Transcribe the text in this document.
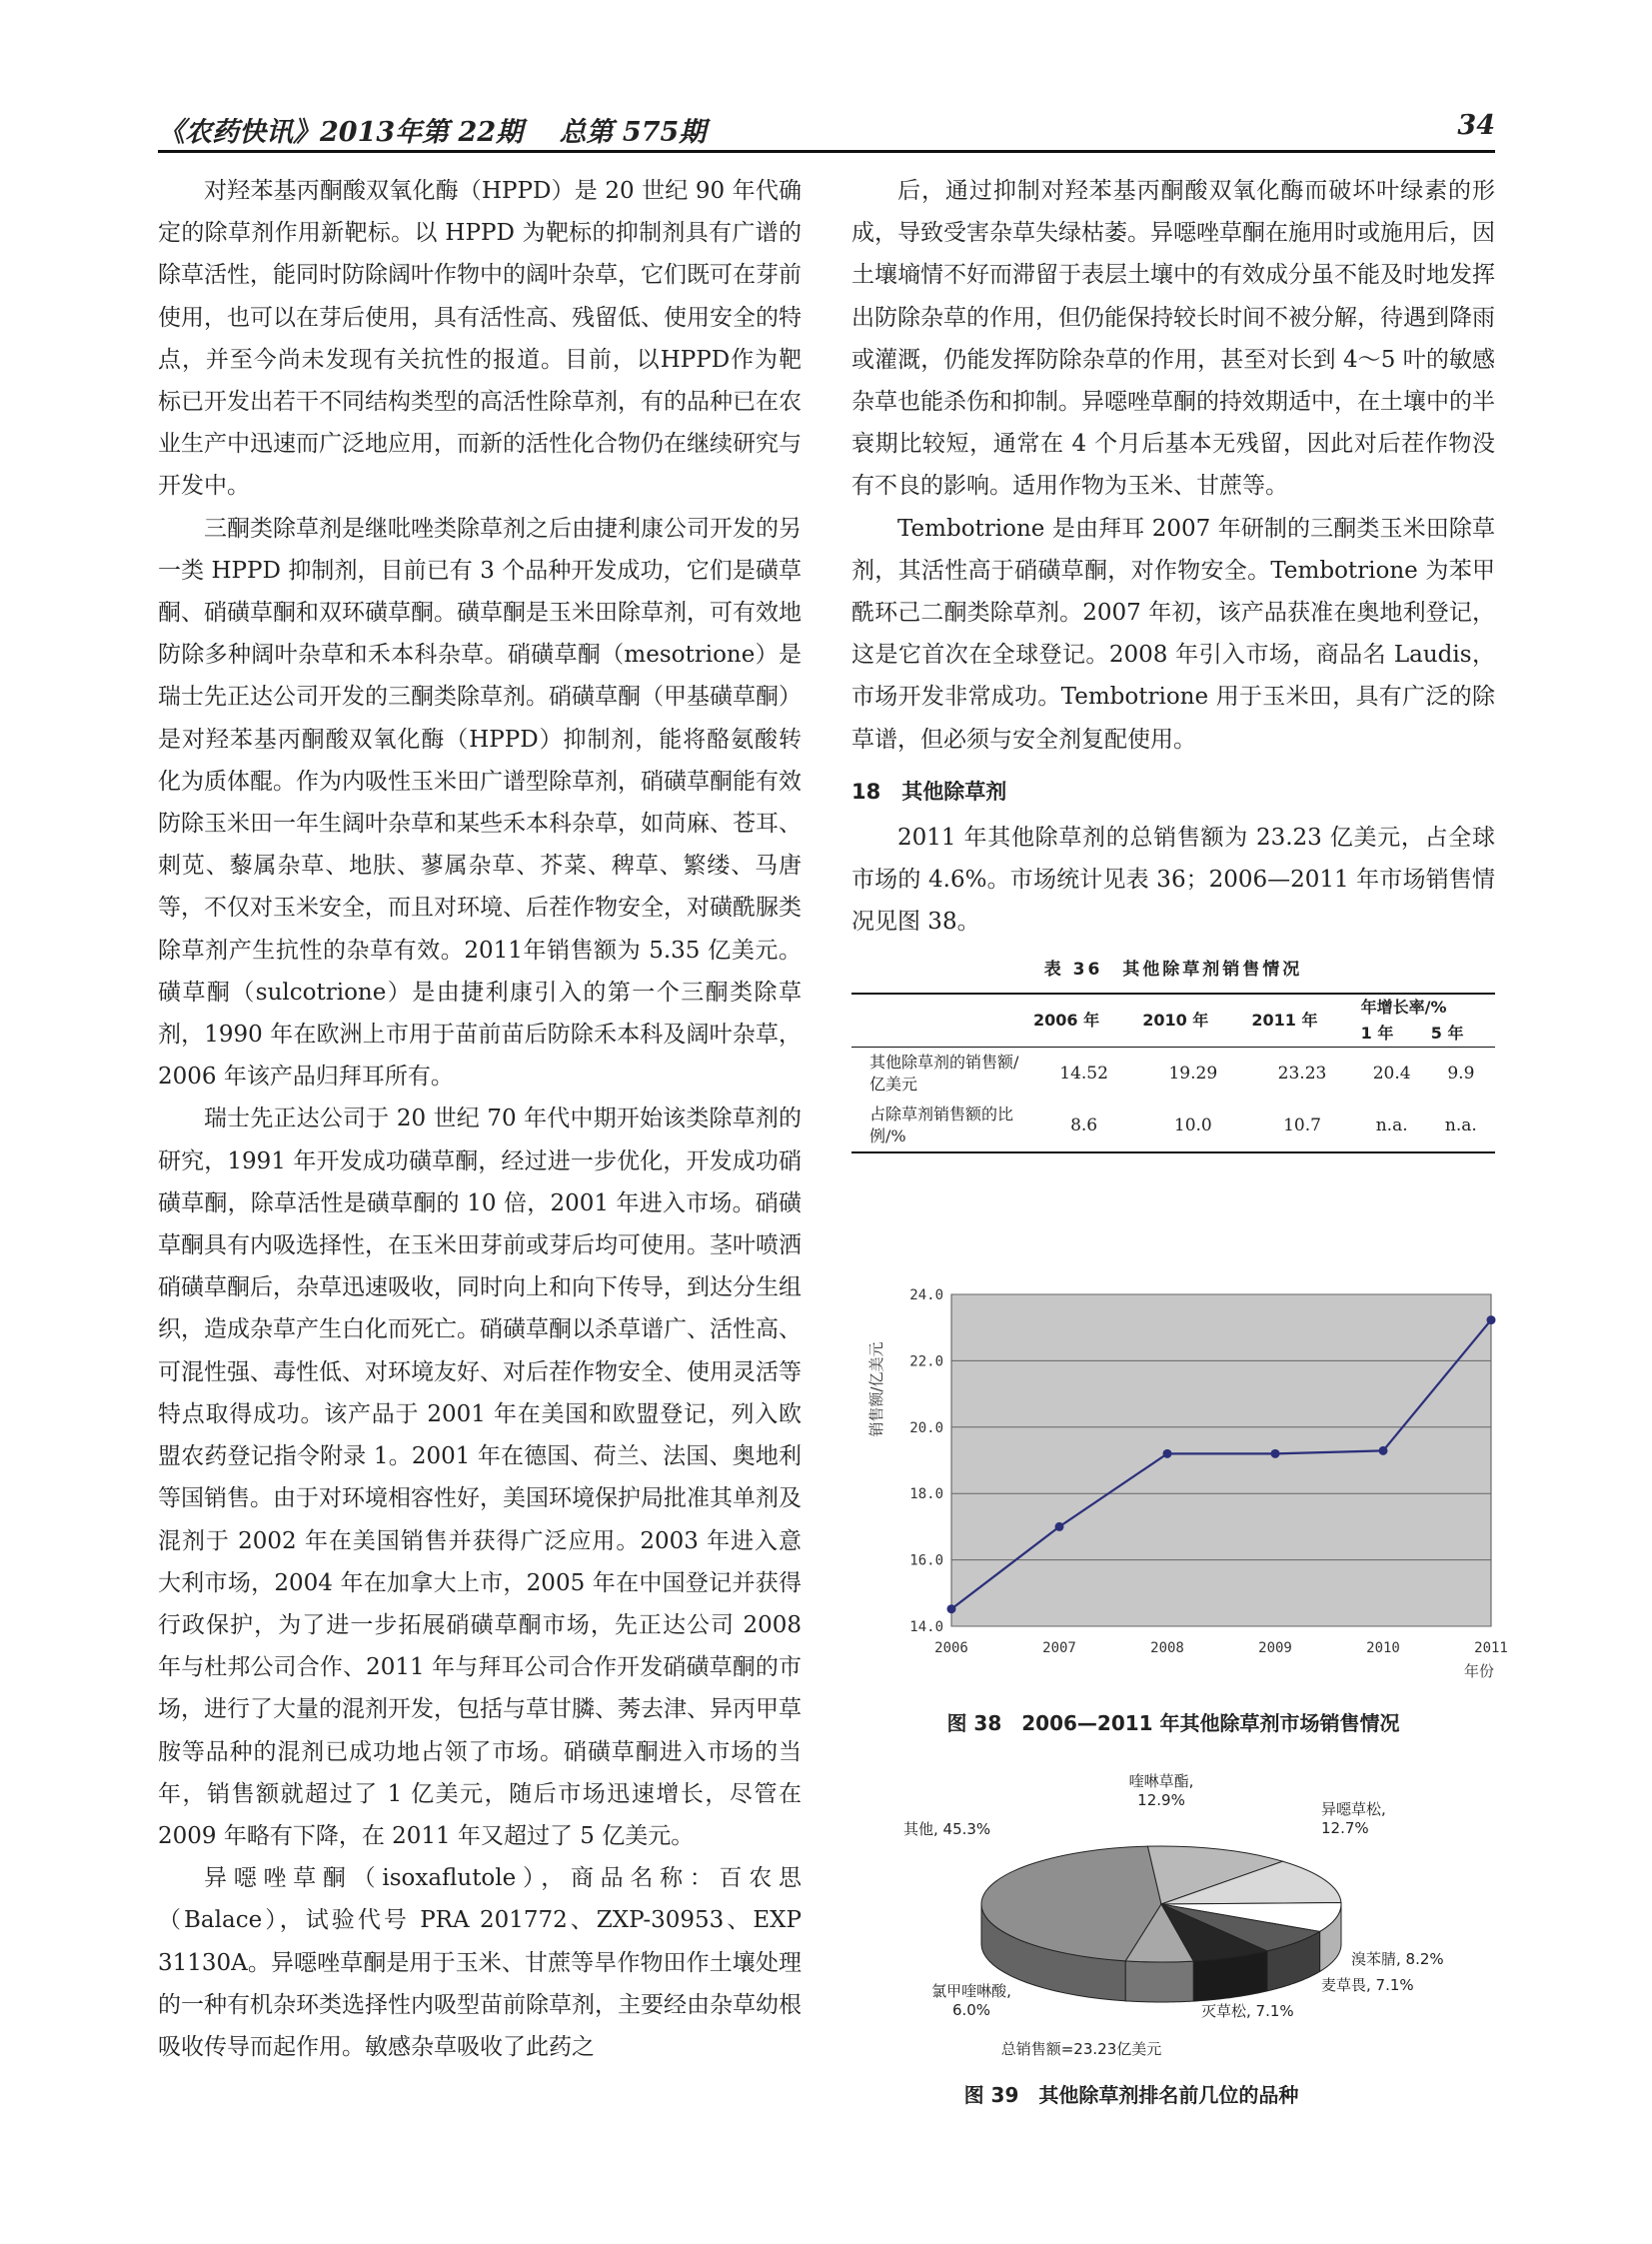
《农药快讯》2013年第 22期　 总第 575期	34

对羟苯基丙酮酸双氧化酶（HPPD）是 20 世纪 90 年代确定的除草剂作用新靶标。以 HPPD 为靶标的抑制剂具有广谱的除草活性，能同时防除阔叶作物中的阔叶杂草，它们既可在芽前使用，也可以在芽后使用，具有活性高、残留低、使用安全的特点，并至今尚未发现有关抗性的报道。目前，以HPPD作为靶标已开发出若干不同结构类型的高活性除草剂，有的品种已在农业生产中迅速而广泛地应用，而新的活性化合物仍在继续研究与开发中。

三酮类除草剂是继吡唑类除草剂之后由捷利康公司开发的另一类 HPPD 抑制剂，目前已有 3 个品种开发成功，它们是磺草酮、硝磺草酮和双环磺草酮。磺草酮是玉米田除草剂，可有效地防除多种阔叶杂草和禾本科杂草。硝磺草酮（mesotrione）是瑞士先正达公司开发的三酮类除草剂。硝磺草酮（甲基磺草酮）是对羟苯基丙酮酸双氧化酶（HPPD）抑制剂，能将酪氨酸转化为质体醌。作为内吸性玉米田广谱型除草剂，硝磺草酮能有效防除玉米田一年生阔叶杂草和某些禾本科杂草，如苘麻、苍耳、刺苋、藜属杂草、地肤、蓼属杂草、芥菜、稗草、繁缕、马唐等，不仅对玉米安全，而且对环境、后茬作物安全，对磺酰脲类除草剂产生抗性的杂草有效。2011年销售额为 5.35 亿美元。磺草酮（sulcotrione）是由捷利康引入的第一个三酮类除草剂，1990 年在欧洲上市用于苗前苗后防除禾本科及阔叶杂草，2006 年该产品归拜耳所有。

瑞士先正达公司于 20 世纪 70 年代中期开始该类除草剂的研究，1991 年开发成功磺草酮，经过进一步优化，开发成功硝磺草酮，除草活性是磺草酮的 10 倍，2001 年进入市场。硝磺草酮具有内吸选择性，在玉米田芽前或芽后均可使用。茎叶喷洒硝磺草酮后，杂草迅速吸收，同时向上和向下传导，到达分生组织，造成杂草产生白化而死亡。硝磺草酮以杀草谱广、活性高、可混性强、毒性低、对环境友好、对后茬作物安全、使用灵活等特点取得成功。该产品于 2001 年在美国和欧盟登记，列入欧盟农药登记指令附录 1。2001 年在德国、荷兰、法国、奥地利等国销售。由于对环境相容性好，美国环境保护局批准其单剂及混剂于 2002 年在美国销售并获得广泛应用。2003 年进入意大利市场，2004 年在加拿大上市，2005 年在中国登记并获得行政保护，为了进一步拓展硝磺草酮市场，先正达公司 2008 年与杜邦公司合作、2011 年与拜耳公司合作开发硝磺草酮的市场，进行了大量的混剂开发，包括与草甘膦、莠去津、异丙甲草胺等品种的混剂已成功地占领了市场。硝磺草酮进入市场的当年，销售额就超过了 1 亿美元，随后市场迅速增长，尽管在 2009 年略有下降，在 2011 年又超过了 5 亿美元。

异噁唑草酮（isoxaflutole），商品名称：百农思（Balace），试验代号 PRA 201772、ZXP-30953、EXP 31130A。异噁唑草酮是用于玉米、甘蔗等旱作物田作土壤处理的一种有机杂环类选择性内吸型苗前除草剂，主要经由杂草幼根吸收传导而起作用。敏感杂草吸收了此药之

后，通过抑制对羟苯基丙酮酸双氧化酶而破坏叶绿素的形成，导致受害杂草失绿枯萎。异噁唑草酮在施用时或施用后，因土壤墒情不好而滞留于表层土壤中的有效成分虽不能及时地发挥出防除杂草的作用，但仍能保持较长时间不被分解，待遇到降雨或灌溉，仍能发挥防除杂草的作用，甚至对长到 4～5 叶的敏感杂草也能杀伤和抑制。异噁唑草酮的持效期适中，在土壤中的半衰期比较短，通常在 4 个月后基本无残留，因此对后茬作物没有不良的影响。适用作物为玉米、甘蔗等。

Tembotrione 是由拜耳 2007 年研制的三酮类玉米田除草剂，其活性高于硝磺草酮，对作物安全。Tembotrione 为苯甲酰环己二酮类除草剂。2007 年初，该产品获准在奥地利登记，这是它首次在全球登记。2008 年引入市场，商品名 Laudis，市场开发非常成功。Tembotrione 用于玉米田，具有广泛的除草谱，但必须与安全剂复配使用。

18　其他除草剂

2011 年其他除草剂的总销售额为 23.23 亿美元，占全球市场的 4.6%。市场统计见表 36；2006—2011 年市场销售情况见图 38。

表 36　其他除草剂销售情况
	2006 年	2010 年	2011 年	年增长率/%	
				1 年	5 年
其他除草剂的销售额/亿美元	14.52	19.29	23.23	20.4	9.9
占除草剂销售额的比例/%	8.6	10.0	10.7	n.a.	n.a.
14.0
16.0
18.0
20.0
22.0
24.0
2006	2007	2008	2009	2010	2011
销售额/亿美元
年份
图 38　2006—2011 年其他除草剂市场销售情况
其他, 45.3%
喹啉草酯, 12.9%	异噁草松, 12.7%
溴苯腈, 8.2%
麦草畏, 7.1%
灭草松, 7.1%
氯甲喹啉酸, 6.0%
总销售额=23.23亿美元
图 39　其他除草剂排名前几位的品种
